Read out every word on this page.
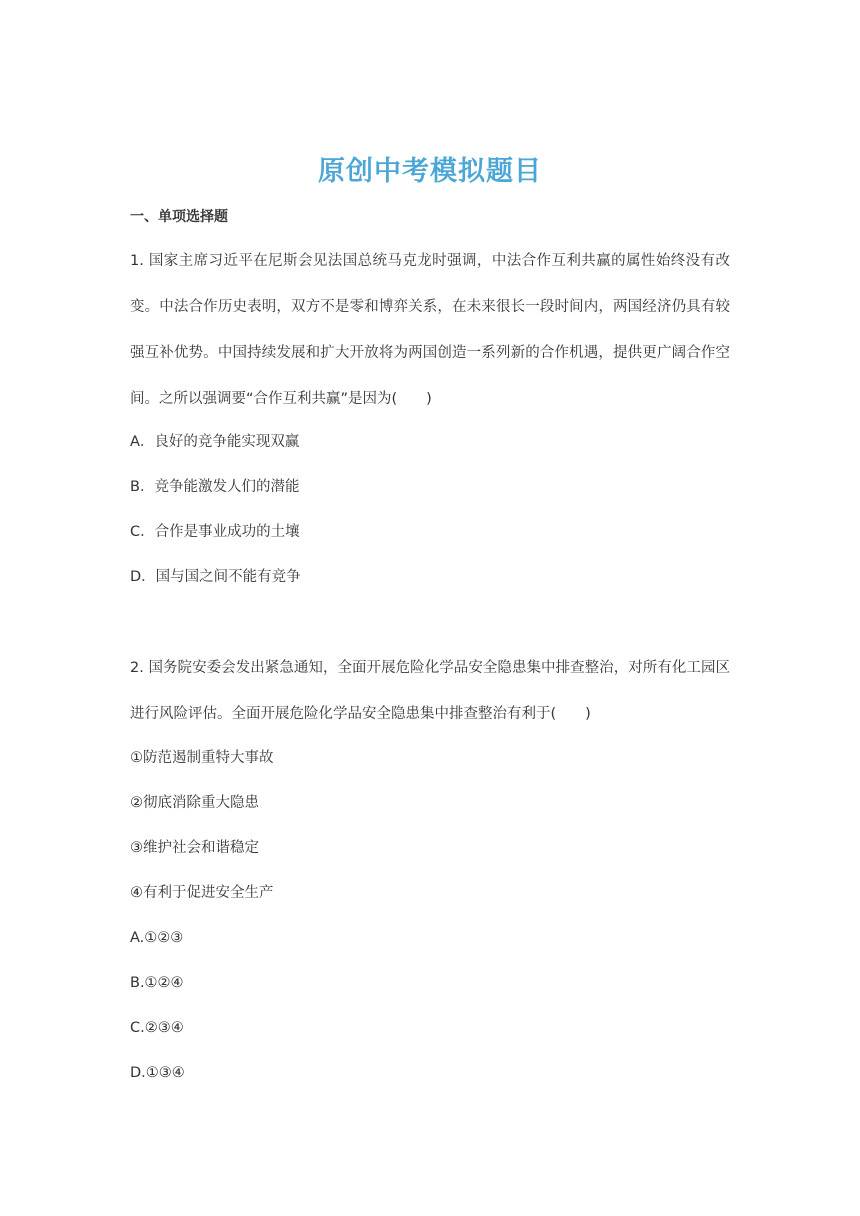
原创中考模拟题目
一、单项选择题
1. 国家主席习近平在尼斯会见法国总统马克龙时强调，中法合作互利共赢的属性始终没有改变。中法合作历史表明，双方不是零和博弈关系，在未来很长一段时间内，两国经济仍具有较强互补优势。中国持续发展和扩大开放将为两国创造一系列新的合作机遇，提供更广阔合作空间。之所以强调要“合作互利共赢”是因为(　　)
A．良好的竞争能实现双赢
B．竞争能激发人们的潜能
C．合作是事业成功的土壤
D．国与国之间不能有竞争
2. 国务院安委会发出紧急通知，全面开展危险化学品安全隐患集中排查整治，对所有化工园区进行风险评估。全面开展危险化学品安全隐患集中排查整治有利于(　　)
①防范遏制重特大事故
②彻底消除重大隐患
③维护社会和谐稳定
④有利于促进安全生产
A.①②③
B.①②④
C.②③④
D.①③④
